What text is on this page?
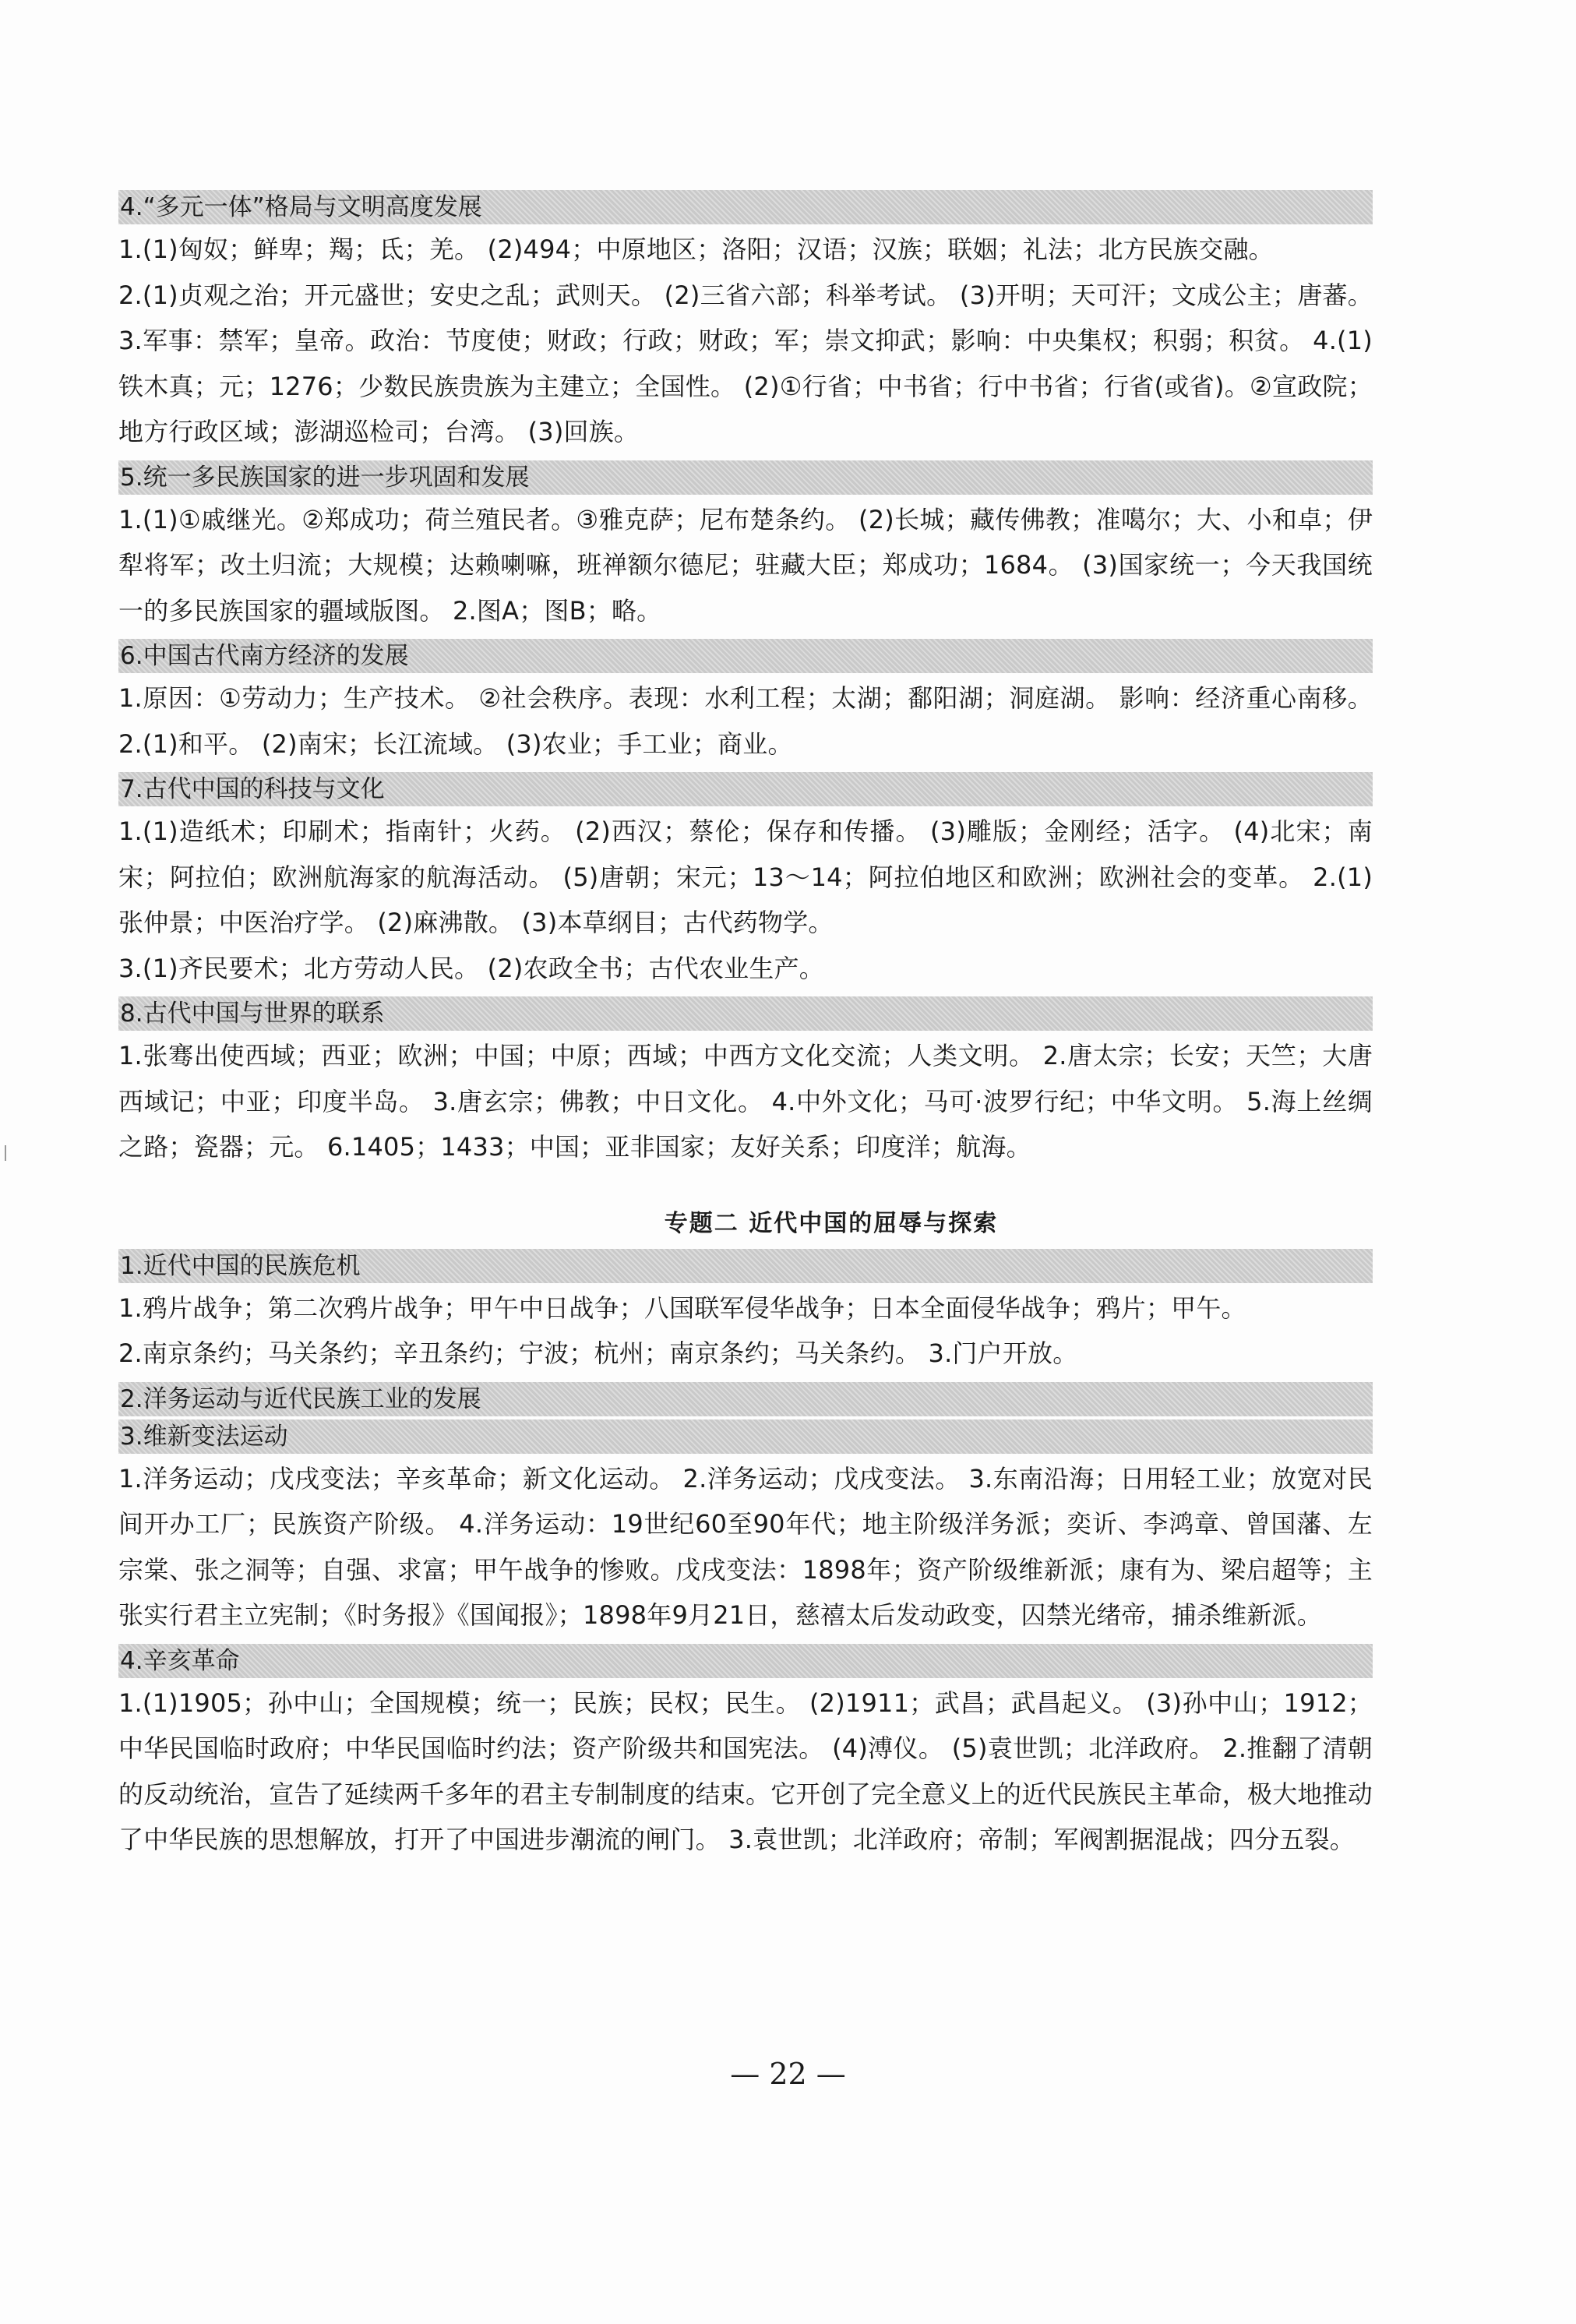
4.“多元一体”格局与文明高度发展

1.(1)匈奴；鲜卑；羯；氐；羌。 (2)494；中原地区；洛阳；汉语；汉族；联姻；礼法；北方民族交融。

2.(1)贞观之治；开元盛世；安史之乱；武则天。 (2)三省六部；科举考试。 (3)开明；天可汗；文成公主；唐蕃。 3.军事：禁军；皇帝。政治：节度使；财政；行政；财政；军；崇文抑武；影响：中央集权；积弱；积贫。 4.(1)铁木真；元；1276；少数民族贵族为主建立；全国性。 (2)①行省；中书省；行中书省；行省(或省)。②宣政院；地方行政区域；澎湖巡检司；台湾。 (3)回族。

5.统一多民族国家的进一步巩固和发展

1.(1)①戚继光。②郑成功；荷兰殖民者。③雅克萨；尼布楚条约。 (2)长城；藏传佛教；准噶尔；大、小和卓；伊犁将军；改土归流；大规模；达赖喇嘛，班禅额尔德尼；驻藏大臣；郑成功；1684。 (3)国家统一；今天我国统一的多民族国家的疆域版图。 2.图A；图B；略。

6.中国古代南方经济的发展

1.原因：①劳动力；生产技术。 ②社会秩序。表现：水利工程；太湖；鄱阳湖；洞庭湖。 影响：经济重心南移。 2.(1)和平。 (2)南宋；长江流域。 (3)农业；手工业；商业。

7.古代中国的科技与文化

1.(1)造纸术；印刷术；指南针；火药。 (2)西汉；蔡伦；保存和传播。 (3)雕版；金刚经；活字。 (4)北宋；南宋；阿拉伯；欧洲航海家的航海活动。 (5)唐朝；宋元；13～14；阿拉伯地区和欧洲；欧洲社会的变革。 2.(1)张仲景；中医治疗学。 (2)麻沸散。 (3)本草纲目；古代药物学。

3.(1)齐民要术；北方劳动人民。 (2)农政全书；古代农业生产。

8.古代中国与世界的联系

1.张骞出使西域；西亚；欧洲；中国；中原；西域；中西方文化交流；人类文明。 2.唐太宗；长安；天竺；大唐西域记；中亚；印度半岛。 3.唐玄宗；佛教；中日文化。 4.中外文化；马可·波罗行纪；中华文明。 5.海上丝绸之路；瓷器；元。 6.1405；1433；中国；亚非国家；友好关系；印度洋；航海。

专题二 近代中国的屈辱与探索
1.近代中国的民族危机

1.鸦片战争；第二次鸦片战争；甲午中日战争；八国联军侵华战争；日本全面侵华战争；鸦片；甲午。

2.南京条约；马关条约；辛丑条约；宁波；杭州；南京条约；马关条约。 3.门户开放。

2.洋务运动与近代民族工业的发展
3.维新变法运动

1.洋务运动；戊戌变法；辛亥革命；新文化运动。 2.洋务运动；戊戌变法。 3.东南沿海；日用轻工业；放宽对民间开办工厂；民族资产阶级。 4.洋务运动：19世纪60至90年代；地主阶级洋务派；奕䜣、李鸿章、曾国藩、左宗棠、张之洞等；自强、求富；甲午战争的惨败。戊戌变法：1898年；资产阶级维新派；康有为、梁启超等；主张实行君主立宪制；《时务报》《国闻报》；1898年9月21日，慈禧太后发动政变，囚禁光绪帝，捕杀维新派。

4.辛亥革命

1.(1)1905；孙中山；全国规模；统一；民族；民权；民生。 (2)1911；武昌；武昌起义。 (3)孙中山；1912；中华民国临时政府；中华民国临时约法；资产阶级共和国宪法。 (4)溥仪。 (5)袁世凯；北洋政府。 2.推翻了清朝的反动统治，宣告了延续两千多年的君主专制制度的结束。它开创了完全意义上的近代民族民主革命，极大地推动了中华民族的思想解放，打开了中国进步潮流的闸门。 3.袁世凯；北洋政府；帝制；军阀割据混战；四分五裂。

— 22 —
